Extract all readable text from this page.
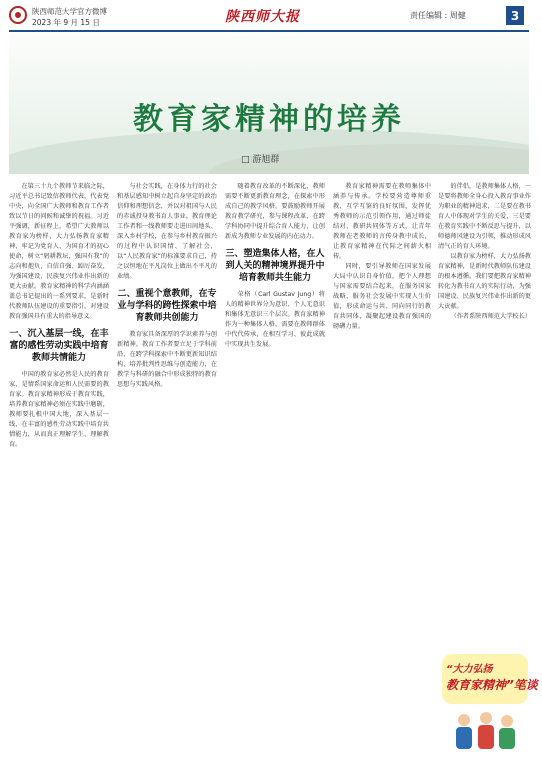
陕西师范大学官方微博
2023 年 9 月 15 日	陕西师大报	责任编辑 : 周健	3
教育家精神的培养
□ 游旭群

在第三十九个教师节来临之际，习近平总书记致信教师代表，代表党中央，向全国广大教师和教育工作者致以节日的问候和诚挚的祝福。习近平强调，新征程上，希望广大教师以教育家为榜样，大力弘扬教育家精神，牢记为党育人、为国育才的初心使命，树立“躬耕教坛，强国有我”的志向和抱负，自信自强、踔厉奋发，为强国建设、民族复兴伟业作出新的更大贡献。教育家精神的科学内涵涵盖总书记提出的一系列要求，是新时代教师队伍建设的重要指引，对建设教育强国具有重大的指导意义。

一、沉入基层一线，在丰富的感性劳动实践中培育教师共情能力

中国的教育家必然是人民的教育家，是情系国家命运和人民需要的教育家。教育家精神形成于教育实践，培养教育家精神必须在实践中磨砺，教师要扎根中国大地，深入基层一线，在丰富的感性劳动实践中培育共情能力，从而真正理解学生、理解教育。

与社会实践，在身体力行的社会和基层感知中树立起自身坚定的政治信仰和理想信念，并以对祖国与人民的赤诚投身教书育人事业。教育理论工作者和一线教师要走进田间地头、深入乡村学校，在参与乡村教育振兴的过程中认识国情、了解社会，以“人民教育家”的标准要求自己，持之以恒地在平凡岗位上做出不平凡的业绩。

二、重视个意教师，在专业与学科的跨性探索中培育教师共创能力

教育家具备深厚的学识素养与创新精神。教育工作者要立足于学科前沿，在跨学科探索中不断更新知识结构，培养批判性思维与创造能力，在教学与科研的融合中形成独特的教育思想与实践风格。

随着教育改革的不断深化，教师需要不断更新教育理念，在探索中形成自己的教学风格。要鼓励教师开展教育教学研究，参与课程改革，在跨学科协同中提升综合育人能力，让创新成为教师专业发展的内在动力。

三、塑造集体人格，在人到人关的精神境界提升中培育教师共生能力

荣格（Carl Gustav Jung）将人的精神世界分为意识、个人无意识和集体无意识三个层次。教育家精神作为一种集体人格，需要在教师群体中代代传承，在相互学习、彼此成就中实现共生发展。

教育家精神需要在教师集体中涵养与传承。学校要营造尊师重教、互学互鉴的良好氛围，发挥优秀教师的示范引领作用，通过师徒结对、教研共同体等方式，让青年教师在老教师的言传身教中成长，让教育家精神在代际之间薪火相传。

同时，要引导教师在国家发展大局中认识自身价值，把个人理想与国家需要结合起来，在服务国家战略、服务社会发展中实现人生价值，形成命运与共、同向同行的教育共同体，凝聚起建设教育强国的磅礴力量。

的伴侣，是教师集体人格，一是要将教师全身心投入教育事业作为职业的精神追求，二是要在教书育人中体现对学生的关爱，三是要在教育实践中不断反思与提升，以师德师风建设为引领，推动形成风清气正的育人环境。

以教育家为榜样，大力弘扬教育家精神，是新时代教师队伍建设的根本遵循。我们要把教育家精神转化为教书育人的实际行动，为强国建设、民族复兴伟业作出新的更大贡献。

（作者系陕西师范大学校长）

“大力弘扬
教育家精神”笔谈
